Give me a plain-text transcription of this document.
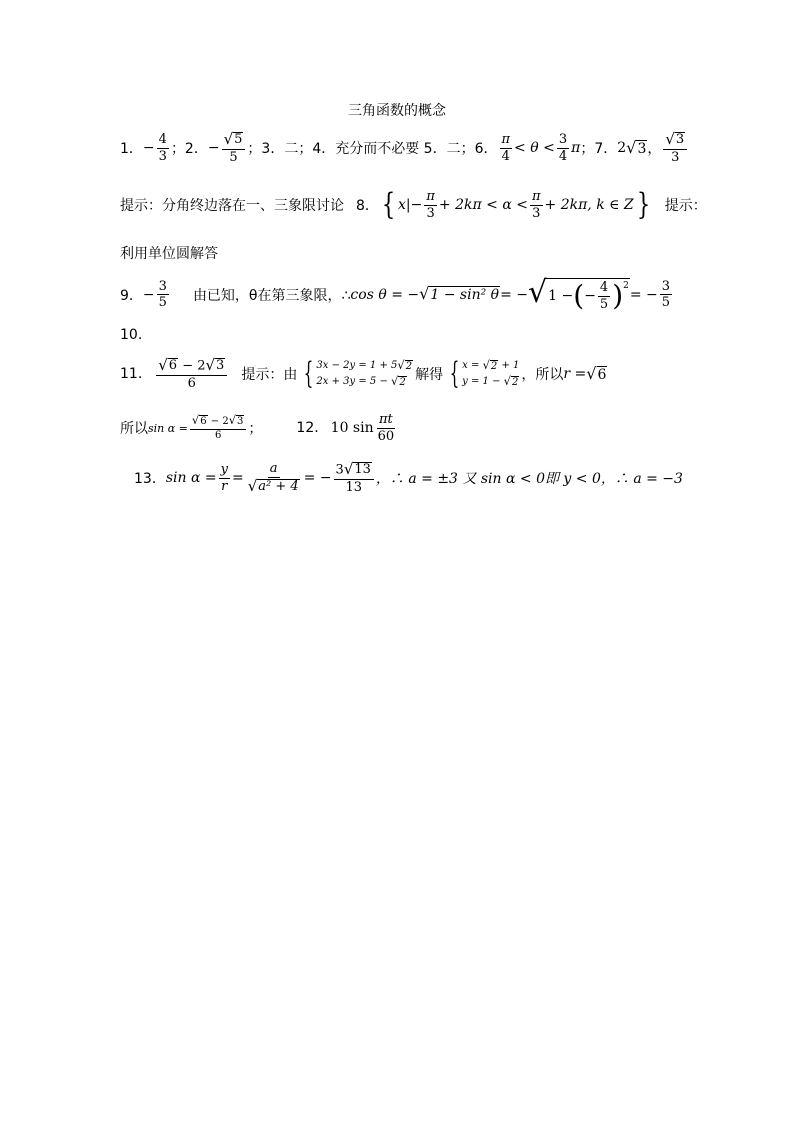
三角函数的概念
1． − $\frac{4}{3}$ ；2． − $\frac{√ 5}{5}$ ；3．二；4．充分而不必要 5．二；6． $\frac{\pi}{4} < \theta < \frac{3}{4}$ π ；7． 2 √ 3 ， $\frac{√ 3}{3}$
提示：分角终边落在一、三象限讨论 8． { x | − $\frac{\pi}{3} + 2k\pi < \alpha < \frac{\pi}{3} + 2k\pi$, k ∈ Z } 提示：
利用单位圆解答
9． − $\frac{3}{5}$ 由已知，θ在第三象限，∴ cos θ = − √ 1 − sin² θ = − √ 1 − ( − $\frac{4}{5} )^2$
= − $\frac{3}{5}$
10.
11. $\frac{√ 6 - 2 √ 3}{6}$ 提示：由 { 3x − 2y = 1 + 5 √ 2
2x + 3y = 5 − √ 2 解得 { x = √ 2 + 1
y = 1 − √ 2 ，所以 r = √ 6
所以 $\sin \alpha = \frac{√ 6 - 2 √ 3}{6}$ ； 12. 10 $\sin \frac{\pi t}{60}$
13． $\sin \alpha = \frac{y}{r} = \frac{a}{\text{√ a² + 4}}$ = − $\frac{3 √ 13}{13}$ ，∴ a = ±3 又 sin α < 0即 y < 0，∴ a = −3
